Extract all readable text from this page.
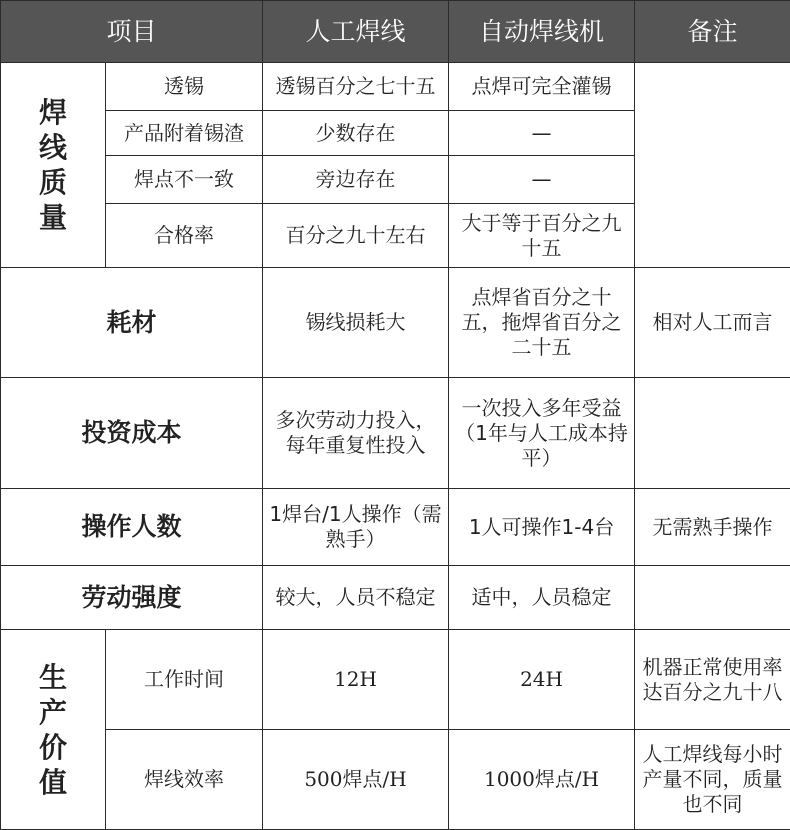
项目		人工焊线	自动焊线机	备注
焊线质量	透锡	透锡百分之七十五	点焊可完全灌锡	
	产品附着锡渣	少数存在	—	
	焊点不一致	旁边存在	—	
	合格率	百分之九十左右	大于等于百分之九十五	
耗材		锡线损耗大	点焊省百分之十五，拖焊省百分之 二十五	相对人工而言
投资成本		多次劳动力投入，每年重复性投入	一次投入多年受益（1年与人工成本持平）	
操作人数		1焊台/1人操作（需熟手）	1人可操作1-4台	无需熟手操作
劳动强度		较大，人员不稳定	适中，人员稳定	
生产价值	工作时间	12H	24H	机器正常使用率达百分之九十八
	焊线效率	500焊点/H	1000焊点/H	人工焊线每小时产量不同，质量也不同
